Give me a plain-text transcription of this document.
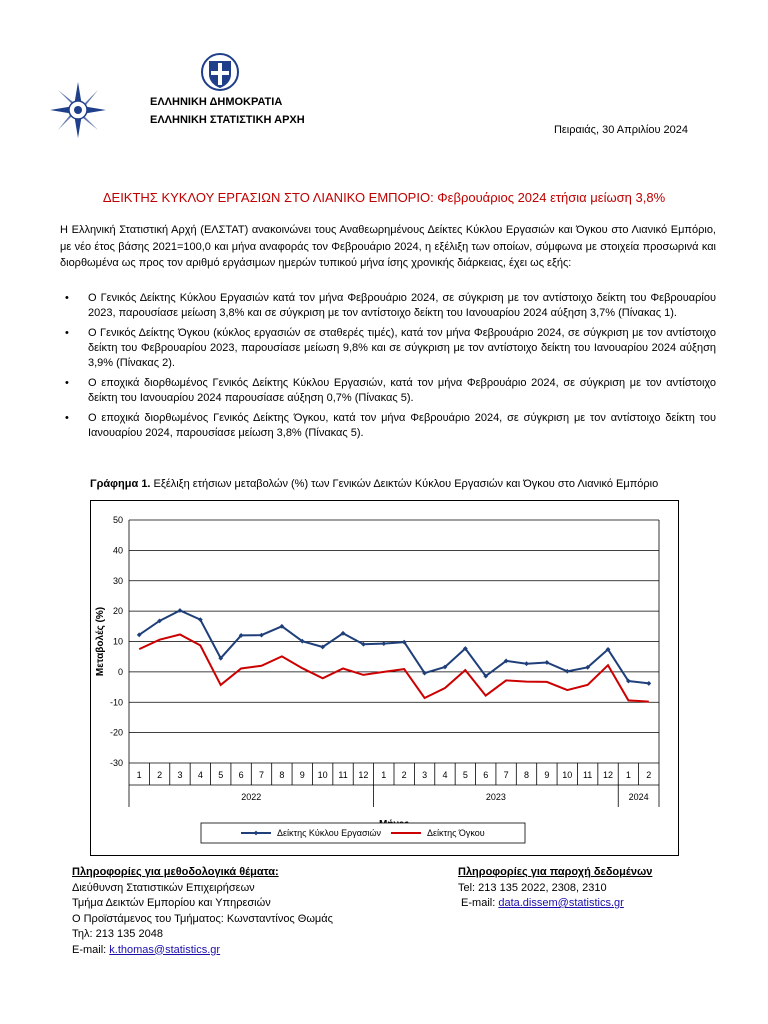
ΕΛΛΗΝΙΚΗ ΔΗΜΟΚΡΑΤΙΑ
ΕΛΛΗΝΙΚΗ ΣΤΑΤΙΣΤΙΚΗ ΑΡΧΗ
Πειραιάς, 30 Απριλίου 2024
ΔΕΙΚΤΗΣ ΚΥΚΛΟΥ ΕΡΓΑΣΙΩΝ ΣΤΟ ΛΙΑΝΙΚΟ ΕΜΠΟΡΙΟ: Φεβρουάριος 2024 ετήσια μείωση 3,8%
Η Ελληνική Στατιστική Αρχή (ΕΛΣΤΑΤ) ανακοινώνει τους Αναθεωρημένους Δείκτες Κύκλου Εργασιών και Όγκου στο Λιανικό Εμπόριο, με νέο έτος βάσης 2021=100,0 και μήνα αναφοράς τον Φεβρουάριο 2024, η εξέλιξη των οποίων, σύμφωνα με στοιχεία προσωρινά και διορθωμένα ως προς τον αριθμό εργάσιμων ημερών τυπικού μήνα ίσης χρονικής διάρκειας, έχει ως εξής:
• Ο Γενικός Δείκτης Κύκλου Εργασιών κατά τον μήνα Φεβρουάριο 2024, σε σύγκριση με τον αντίστοιχο δείκτη του Φεβρουαρίου 2023, παρουσίασε μείωση 3,8% και σε σύγκριση με τον αντίστοιχο δείκτη του Ιανουαρίου 2024 αύξηση 3,7% (Πίνακας 1).
• Ο Γενικός Δείκτης Όγκου (κύκλος εργασιών σε σταθερές τιμές), κατά τον μήνα Φεβρουάριο 2024, σε σύγκριση με τον αντίστοιχο δείκτη του Φεβρουαρίου 2023, παρουσίασε μείωση 9,8% και σε σύγκριση με τον αντίστοιχο δείκτη του Ιανουαρίου 2024 αύξηση 3,9% (Πίνακας 2).
• Ο εποχικά διορθωμένος Γενικός Δείκτης Κύκλου Εργασιών, κατά τον μήνα Φεβρουάριο 2024, σε σύγκριση με τον αντίστοιχο δείκτη του Ιανουαρίου 2024 παρουσίασε αύξηση 0,7% (Πίνακας 5).
• Ο εποχικά διορθωμένος Γενικός Δείκτης Όγκου, κατά τον μήνα Φεβρουάριο 2024, σε σύγκριση με τον αντίστοιχο δείκτη του Ιανουαρίου 2024, παρουσίασε μείωση 3,8% (Πίνακας 5).
Γράφημα 1. Εξέλιξη ετήσιων μεταβολών (%) των Γενικών Δεικτών Κύκλου Εργασιών και Όγκου στο Λιανικό Εμπόριο
-30
-20
-10
0
10
20
30
40
50
1 2 3 4 5 6 7 8 9 10 11 12 1 2 3 4 5 6 7 8 9 10 11 12 1 2
2022	2023	2024
Μεταβολές (%)
Δείκτης Κύκλου Εργασιών	Δείκτης Όγκου
Πληροφορίες για μεθοδολογικά θέματα:
Διεύθυνση Στατιστικών Επιχειρήσεων
Τμήμα Δεικτών Εμπορίου και Υπηρεσιών
Ο Προϊστάμενος του Τμήματος: Κωνσταντίνος Θωμάς
Τηλ: 213 135 2048
E-mail: k.thomas@statistics.gr
Πληροφορίες για παροχή δεδομένων
Tel: 213 135 2022, 2308, 2310
E-mail: data.dissem@statistics.gr
